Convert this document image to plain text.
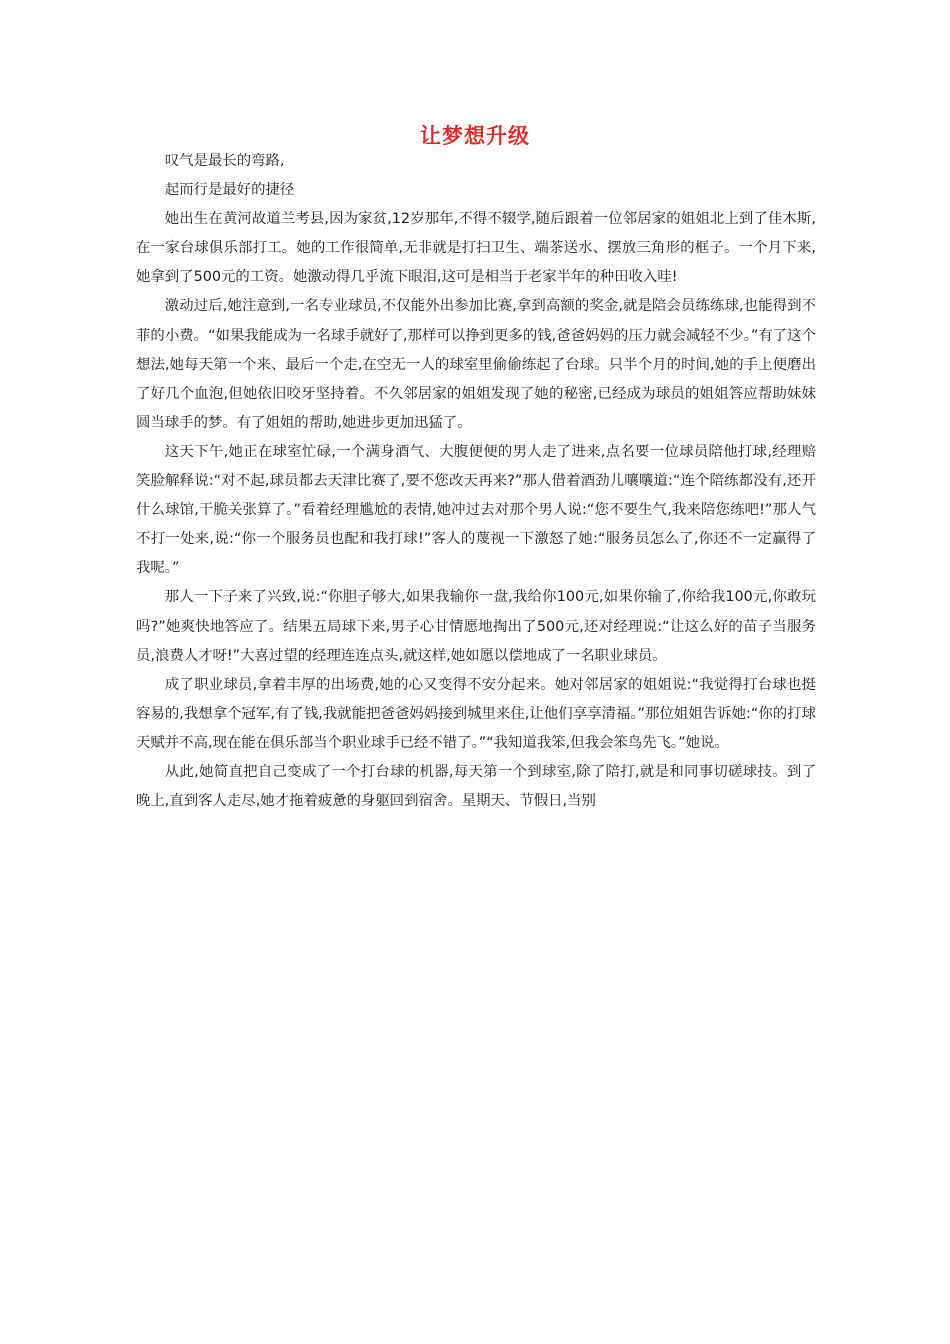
让梦想升级

叹气是最长的弯路,

起而行是最好的捷径

她出生在黄河故道兰考县,因为家贫,12岁那年,不得不辍学,随后跟着一位邻居家的姐姐北上到了佳木斯,在一家台球俱乐部打工。她的工作很简单,无非就是打扫卫生、端茶送水、摆放三角形的框子。一个月下来,她拿到了500元的工资。她激动得几乎流下眼泪,这可是相当于老家半年的种田收入哇!

激动过后,她注意到,一名专业球员,不仅能外出参加比赛,拿到高额的奖金,就是陪会员练练球,也能得到不菲的小费。“如果我能成为一名球手就好了,那样可以挣到更多的钱,爸爸妈妈的压力就会减轻不少。”有了这个想法,她每天第一个来、最后一个走,在空无一人的球室里偷偷练起了台球。只半个月的时间,她的手上便磨出了好几个血泡,但她依旧咬牙坚持着。不久邻居家的姐姐发现了她的秘密,已经成为球员的姐姐答应帮助妹妹圆当球手的梦。有了姐姐的帮助,她进步更加迅猛了。

这天下午,她正在球室忙碌,一个满身酒气、大腹便便的男人走了进来,点名要一位球员陪他打球,经理赔笑脸解释说:“对不起,球员都去天津比赛了,要不您改天再来?”那人借着酒劲儿嚷嚷道:“连个陪练都没有,还开什么球馆,干脆关张算了。”看着经理尴尬的表情,她冲过去对那个男人说:“您不要生气,我来陪您练吧!”那人气不打一处来,说:“你一个服务员也配和我打球!”客人的蔑视一下激怒了她:“服务员怎么了,你还不一定赢得了我呢。”

那人一下子来了兴致,说:“你胆子够大,如果我输你一盘,我给你100元,如果你输了,你给我100元,你敢玩吗?”她爽快地答应了。结果五局球下来,男子心甘情愿地掏出了500元,还对经理说:“让这么好的苗子当服务员,浪费人才呀!”大喜过望的经理连连点头,就这样,她如愿以偿地成了一名职业球员。

成了职业球员,拿着丰厚的出场费,她的心又变得不安分起来。她对邻居家的姐姐说:“我觉得打台球也挺容易的,我想拿个冠军,有了钱,我就能把爸爸妈妈接到城里来住,让他们享享清福。”那位姐姐告诉她:“你的打球天赋并不高,现在能在俱乐部当个职业球手已经不错了。”“我知道我笨,但我会笨鸟先飞。”她说。

从此,她简直把自己变成了一个打台球的机器,每天第一个到球室,除了陪打,就是和同事切磋球技。到了晚上,直到客人走尽,她才拖着疲惫的身躯回到宿舍。星期天、节假日,当别
